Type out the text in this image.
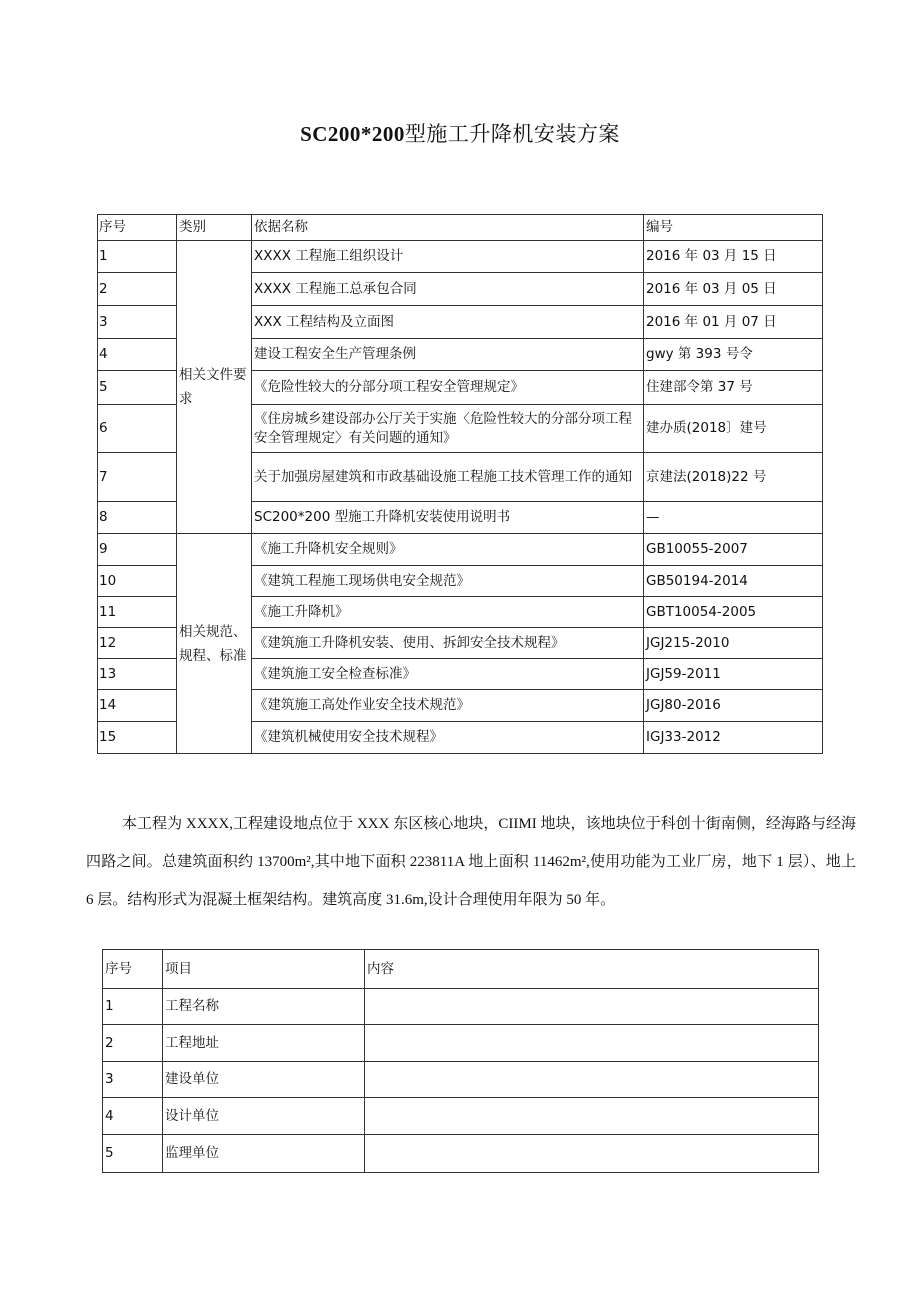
SC200*200型施工升降机安装方案
序号	类别	依据名称	编号
1	相关文件要求	XXXX 工程施工组织设计	2016 年 03 月 15 日
2		XXXX 工程施工总承包合同	2016 年 03 月 05 日
3		XXX 工程结构及立面图	2016 年 01 月 07 日
4		建设工程安全生产管理条例	gwy 第 393 号令
5		《危险性较大的分部分项工程安全管理规定》	住建部令第 37 号
6		《住房城乡建设部办公厅关于实施〈危险性较大的分部分项工程安全管理规定〉有关问题的通知》	建办质(2018〕建号
7		关于加强房屋建筑和市政基础设施工程施工技术管理工作的通知	京建法(2018)22 号
8		SC200*200 型施工升降机安装使用说明书	—
9	相关规范、规程、标准	《施工升降机安全规则》	GB10055-2007
10		《建筑工程施工现场供电安全规范》	GB50194-2014
11		《施工升降机》	GBT10054-2005
12		《建筑施工升降机安装、使用、拆卸安全技术规程》	JGJ215-2010
13		《建筑施工安全检查标准》	JGJ59-2011
14		《建筑施工高处作业安全技术规范》	JGJ80-2016
15		《建筑机械使用安全技术规程》	IGJ33-2012

本工程为 XXXX,工程建设地点位于 XXX 东区核心地块，CIIMI 地块，该地块位于科创十街南侧，经海路与经海四路之间。总建筑面积约 13700m²,其中地下面积 223811A 地上面积 11462m²,使用功能为工业厂房，地下 1 层）、地上 6 层。结构形式为混凝土框架结构。建筑高度 31.6m,设计合理使用年限为 50 年。

序号	项目	内容
1	工程名称	
2	工程地址	
3	建设单位	
4	设计单位	
5	监理单位	
